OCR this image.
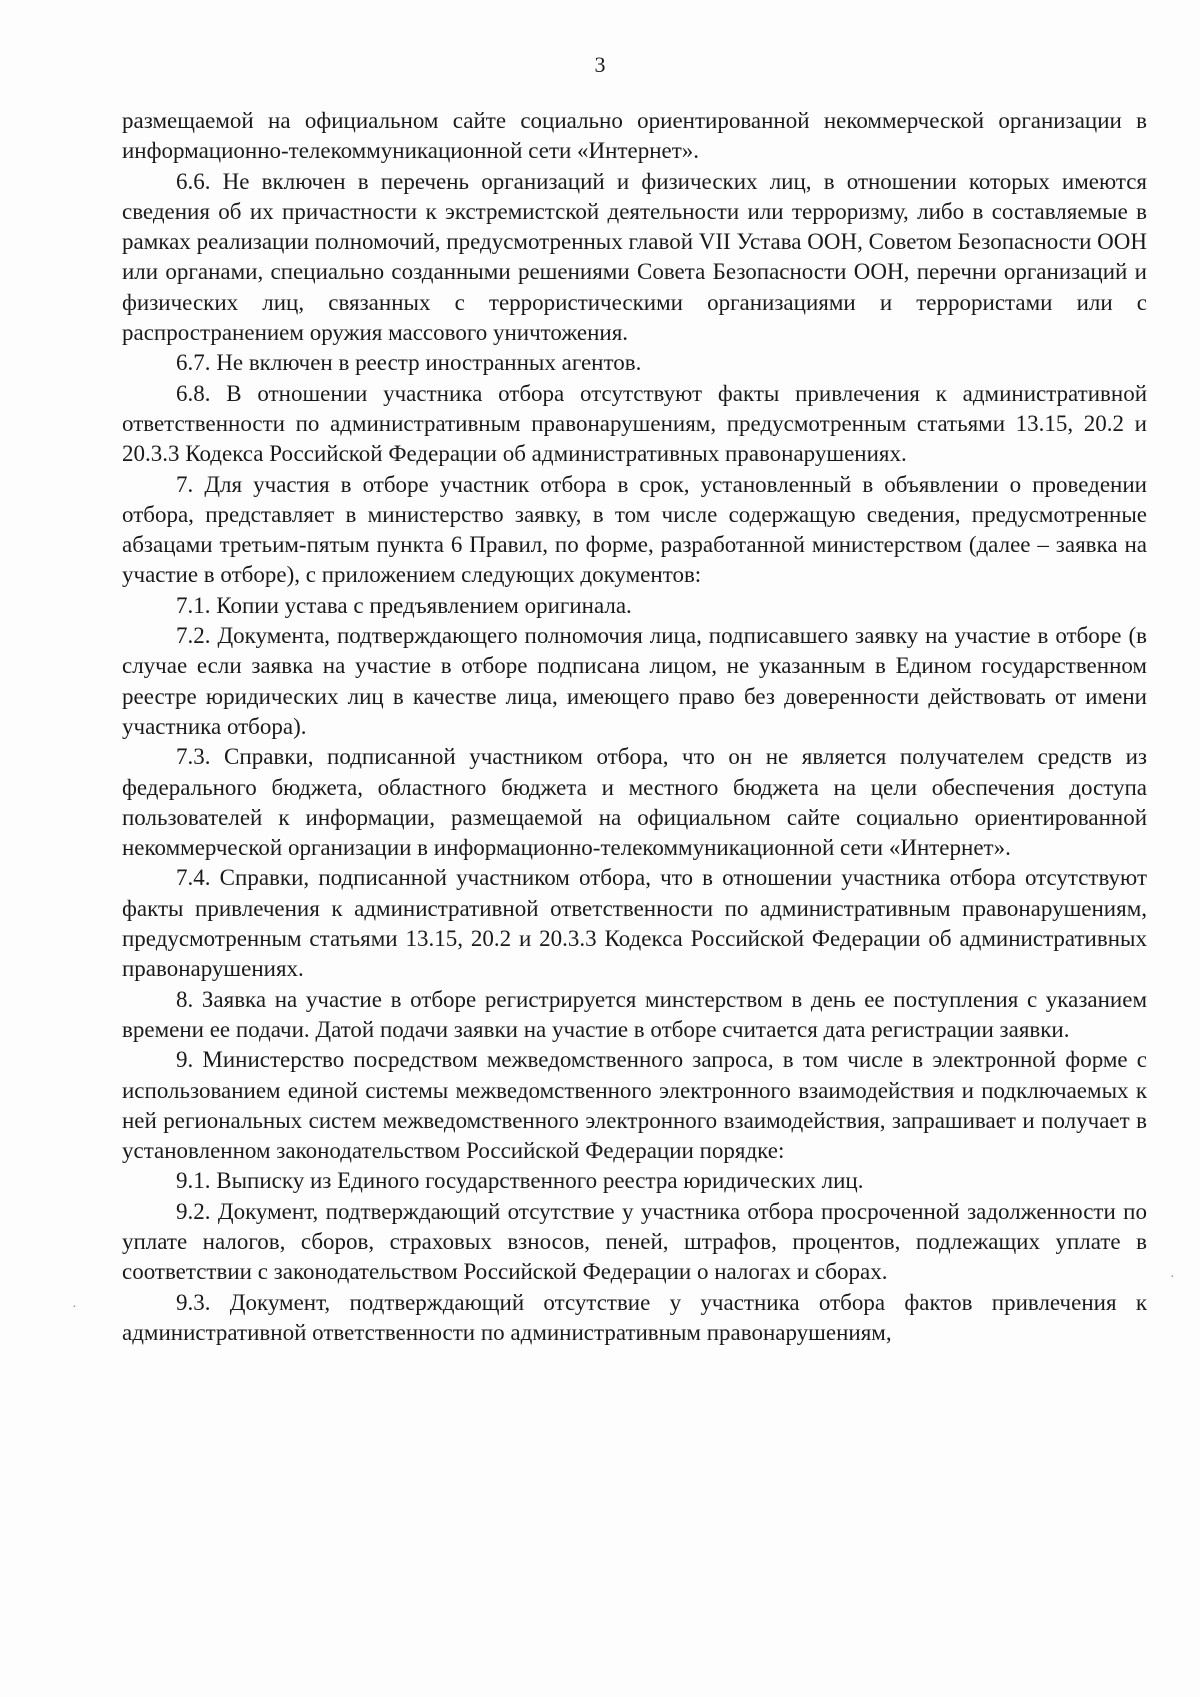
3

размещаемой на официальном сайте социально ориентированной некоммерческой организации в информационно-телекоммуникационной сети «Интернет».

6.6. Не включен в перечень организаций и физических лиц, в отношении которых имеются сведения об их причастности к экстремистской деятельности или терроризму, либо в составляемые в рамках реализации полномочий, предусмотренных главой VII Устава ООН, Советом Безопасности ООН или органами, специально созданными решениями Совета Безопасности ООН, перечни организаций и физических лиц, связанных с террористическими организациями и террористами или с распространением оружия массового уничтожения.

6.7. Не включен в реестр иностранных агентов.

6.8. В отношении участника отбора отсутствуют факты привлечения к административной ответственности по административным правонарушениям, предусмотренным статьями 13.15, 20.2 и 20.3.3 Кодекса Российской Федерации об административных правонарушениях.

7. Для участия в отборе участник отбора в срок, установленный в объявлении о проведении отбора, представляет в министерство заявку, в том числе содержащую сведения, предусмотренные абзацами третьим-пятым пункта 6 Правил, по форме, разработанной министерством (далее – заявка на участие в отборе), с приложением следующих документов:

7.1. Копии устава с предъявлением оригинала.

7.2. Документа, подтверждающего полномочия лица, подписавшего заявку на участие в отборе (в случае если заявка на участие в отборе подписана лицом, не указанным в Едином государственном реестре юридических лиц в качестве лица, имеющего право без доверенности действовать от имени участника отбора).

7.3. Справки, подписанной участником отбора, что он не является получателем средств из федерального бюджета, областного бюджета и местного бюджета на цели обеспечения доступа пользователей к информации, размещаемой на официальном сайте социально ориентированной некоммерческой организации в информационно-телекоммуникационной сети «Интернет».

7.4. Справки, подписанной участником отбора, что в отношении участника отбора отсутствуют факты привлечения к административной ответственности по административным правонарушениям, предусмотренным статьями 13.15, 20.2 и 20.3.3 Кодекса Российской Федерации об административных правонарушениях.

8. Заявка на участие в отборе регистрируется минстерством в день ее поступления с указанием времени ее подачи. Датой подачи заявки на участие в отборе считается дата регистрации заявки.

9. Министерство посредством межведомственного запроса, в том числе в электронной форме с использованием единой системы межведомственного электронного взаимодействия и подключаемых к ней региональных систем межведомственного электронного взаимодействия, запрашивает и получает в установленном законодательством Российской Федерации порядке:

9.1. Выписку из Единого государственного реестра юридических лиц.

9.2. Документ, подтверждающий отсутствие у участника отбора просроченной задолженности по уплате налогов, сборов, страховых взносов, пеней, штрафов, процентов, подлежащих уплате в соответствии с законодательством Российской Федерации о налогах и сборах.

9.3. Документ, подтверждающий отсутствие у участника отбора фактов привлечения к административной ответственности по административным правонарушениям,

·
·
